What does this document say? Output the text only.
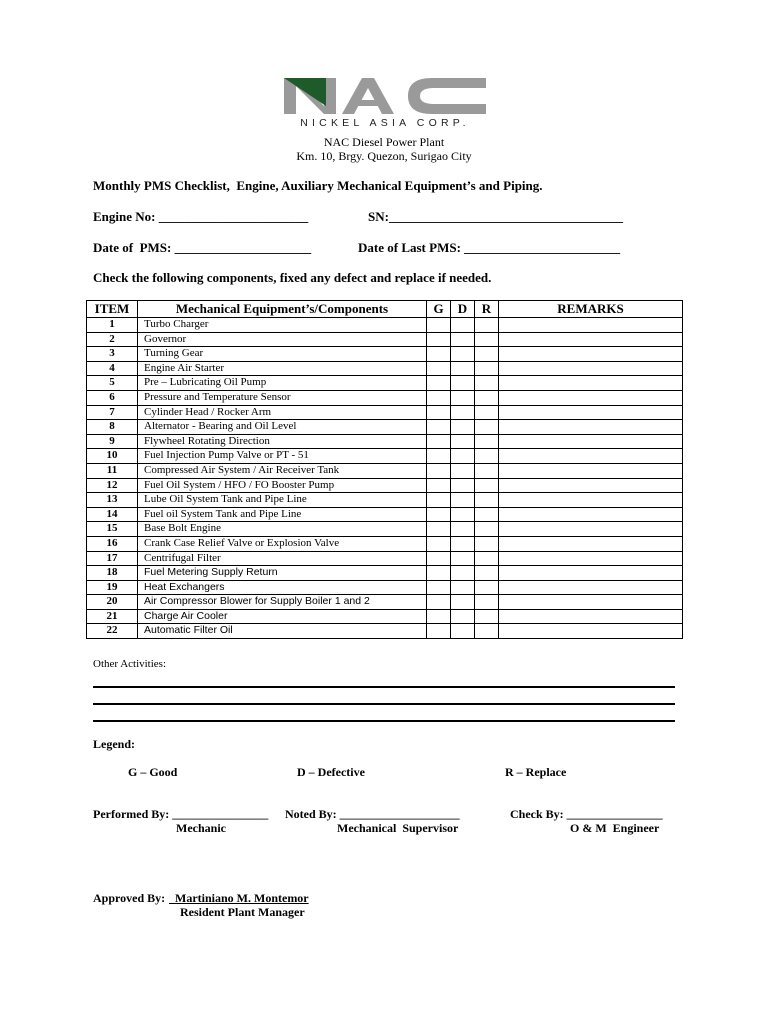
NICKEL ASIA CORP.
NAC Diesel Power Plant
Km. 10, Brgy. Quezon, Surigao City
Monthly PMS Checklist,  Engine, Auxiliary Mechanical Equipment’s and Piping.
Engine No: _______________________	SN:____________________________________
Date of  PMS: _____________________	Date of Last PMS: ________________________
Check the following components, fixed any defect and replace if needed.
ITEM	Mechanical Equipment’s/Components	G	D	R	REMARKS
1	Turbo Charger				
2	Governor				
3	Turning Gear				
4	Engine Air Starter				
5	Pre – Lubricating Oil Pump				
6	Pressure and Temperature Sensor				
7	Cylinder Head / Rocker Arm				
8	Alternator - Bearing and Oil Level				
9	Flywheel Rotating Direction				
10	Fuel Injection Pump Valve or PT - 51				
11	Compressed Air System / Air Receiver Tank				
12	Fuel Oil System / HFO / FO Booster Pump				
13	Lube Oil System Tank and Pipe Line				
14	Fuel oil System Tank and Pipe Line				
15	Base Bolt Engine				
16	Crank Case Relief Valve or Explosion Valve				
17	Centrifugal Filter				
18	Fuel Metering Supply Return				
19	Heat Exchangers				
20	Air Compressor Blower for Supply Boiler 1 and 2				
21	Charge Air Cooler				
22	Automatic Filter Oil				
Other Activities:
Legend:
G – Good	D – Defective	R – Replace
Performed By: ________________ Noted By: ____________________	Check By: ________________
Mechanic	Mechanical  Supervisor	O & M  Engineer
Approved By: Martiniano M. Montemor
Resident Plant Manager
